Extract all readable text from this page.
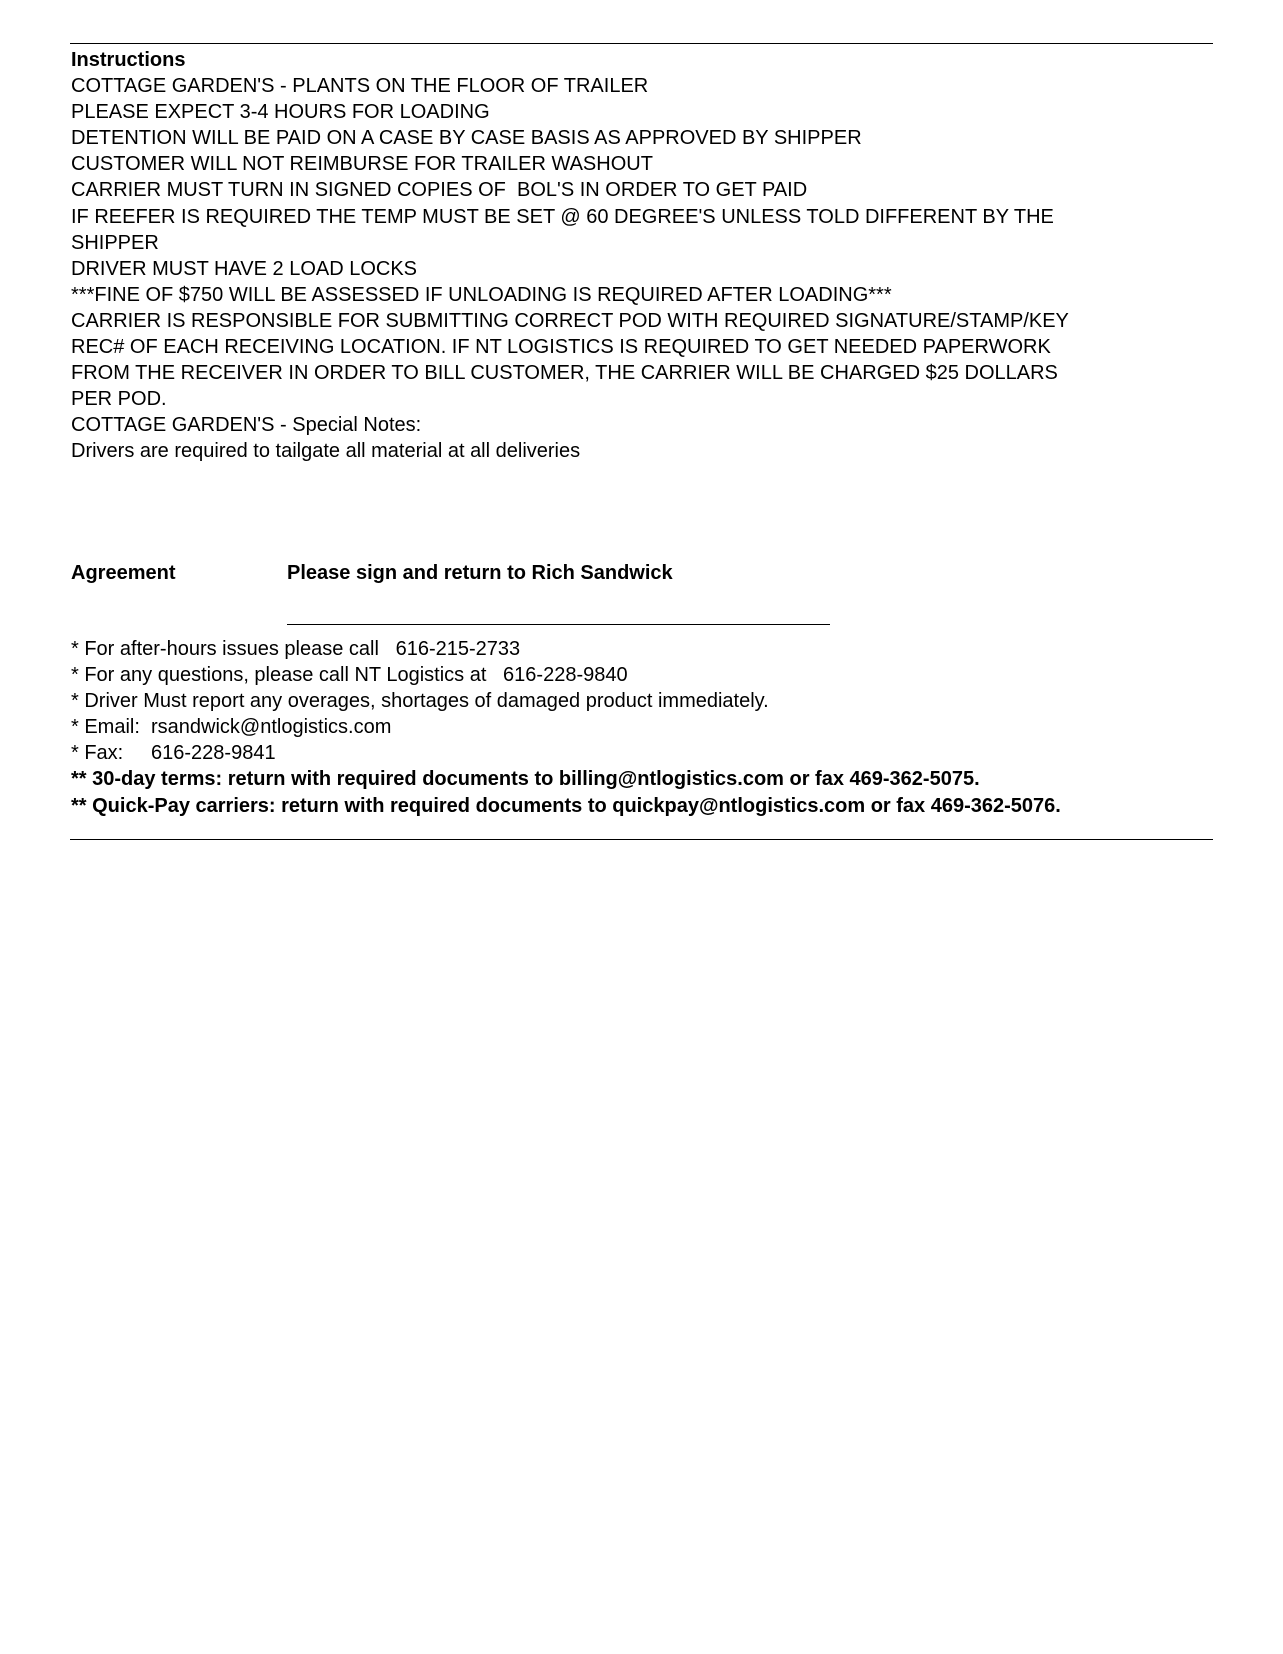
Instructions
COTTAGE GARDEN'S - PLANTS ON THE FLOOR OF TRAILER
PLEASE EXPECT 3-4 HOURS FOR LOADING
DETENTION WILL BE PAID ON A CASE BY CASE BASIS AS APPROVED BY SHIPPER
CUSTOMER WILL NOT REIMBURSE FOR TRAILER WASHOUT
CARRIER MUST TURN IN SIGNED COPIES OF  BOL'S IN ORDER TO GET PAID
IF REEFER IS REQUIRED THE TEMP MUST BE SET @ 60 DEGREE'S UNLESS TOLD DIFFERENT BY THE
SHIPPER
DRIVER MUST HAVE 2 LOAD LOCKS
***FINE OF $750 WILL BE ASSESSED IF UNLOADING IS REQUIRED AFTER LOADING***
CARRIER IS RESPONSIBLE FOR SUBMITTING CORRECT POD WITH REQUIRED SIGNATURE/STAMP/KEY
REC# OF EACH RECEIVING LOCATION. IF NT LOGISTICS IS REQUIRED TO GET NEEDED PAPERWORK
FROM THE RECEIVER IN ORDER TO BILL CUSTOMER, THE CARRIER WILL BE CHARGED $25 DOLLARS
PER POD.
COTTAGE GARDEN'S - Special Notes:
Drivers are required to tailgate all material at all deliveries
Agreement	Please sign and return to Rich Sandwick
* For after-hours issues please call   616-215-2733
* For any questions, please call NT Logistics at   616-228-9840
* Driver Must report any overages, shortages of damaged product immediately.
* Email:  rsandwick@ntlogistics.com
* Fax:     616-228-9841
** 30-day terms: return with required documents to billing@ntlogistics.com or fax 469-362-5075.
** Quick-Pay carriers: return with required documents to quickpay@ntlogistics.com or fax 469-362-5076.
